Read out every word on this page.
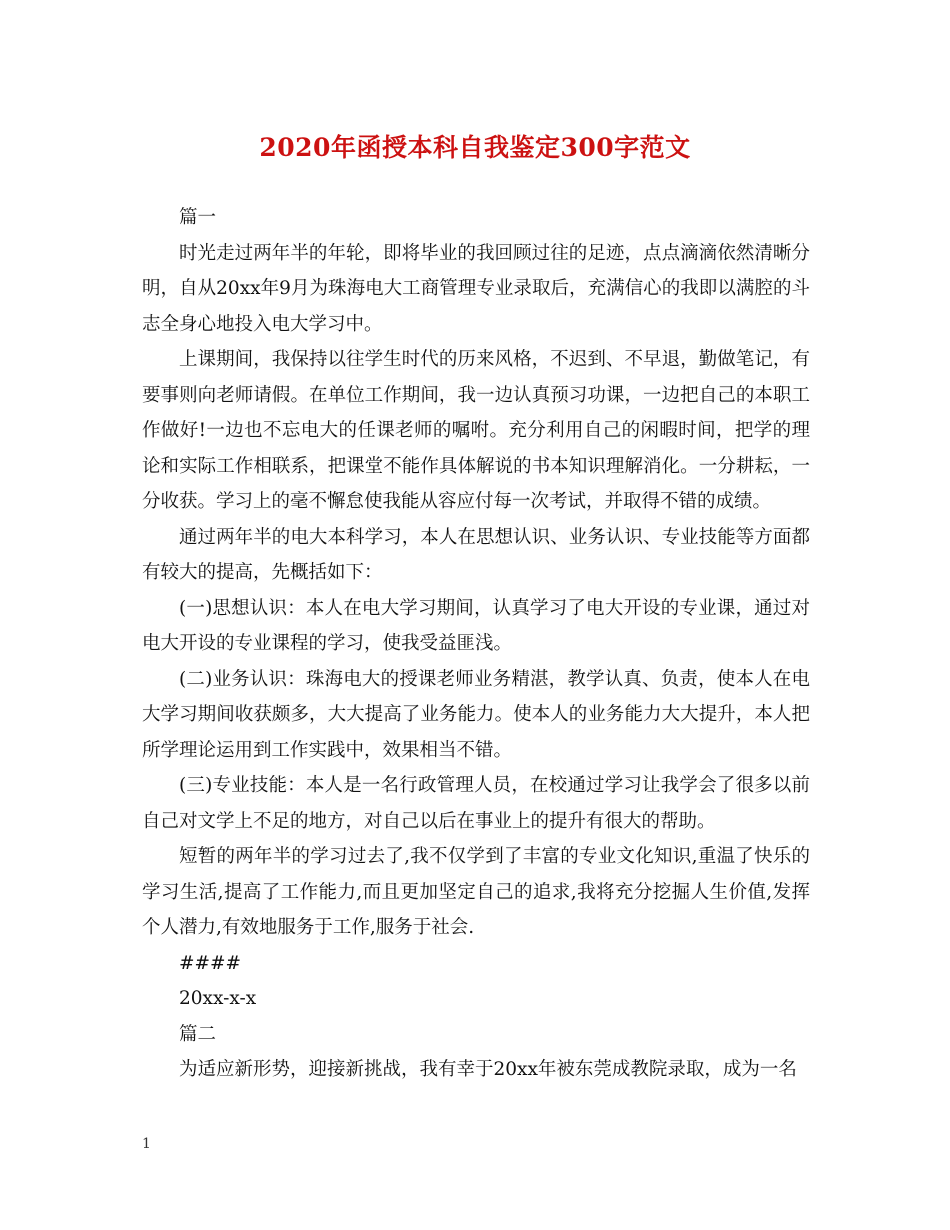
2020年函授本科自我鉴定300字范文

篇一

时光走过两年半的年轮，即将毕业的我回顾过往的足迹，点点滴滴依然清晰分明，自从20xx年9月为珠海电大工商管理专业录取后，充满信心的我即以满腔的斗志全身心地投入电大学习中。

上课期间，我保持以往学生时代的历来风格，不迟到、不早退，勤做笔记，有要事则向老师请假。在单位工作期间，我一边认真预习功课，一边把自己的本职工作做好!一边也不忘电大的任课老师的嘱咐。充分利用自己的闲暇时间，把学的理论和实际工作相联系，把课堂不能作具体解说的书本知识理解消化。一分耕耘，一分收获。学习上的毫不懈怠使我能从容应付每一次考试，并取得不错的成绩。

通过两年半的电大本科学习，本人在思想认识、业务认识、专业技能等方面都有较大的提高，先概括如下：

(一)思想认识：本人在电大学习期间，认真学习了电大开设的专业课，通过对电大开设的专业课程的学习，使我受益匪浅。

(二)业务认识：珠海电大的授课老师业务精湛，教学认真、负责，使本人在电大学习期间收获颇多，大大提高了业务能力。使本人的业务能力大大提升，本人把所学理论运用到工作实践中，效果相当不错。

(三)专业技能：本人是一名行政管理人员，在校通过学习让我学会了很多以前自己对文学上不足的地方，对自己以后在事业上的提升有很大的帮助。

短暂的两年半的学习过去了,我不仅学到了丰富的专业文化知识,重温了快乐的学习生活,提高了工作能力,而且更加坚定自己的追求,我将充分挖掘人生价值,发挥个人潜力,有效地服务于工作,服务于社会.

####

20xx-x-x

篇二

为适应新形势，迎接新挑战，我有幸于20xx年被东莞成教院录取，成为一名

1
